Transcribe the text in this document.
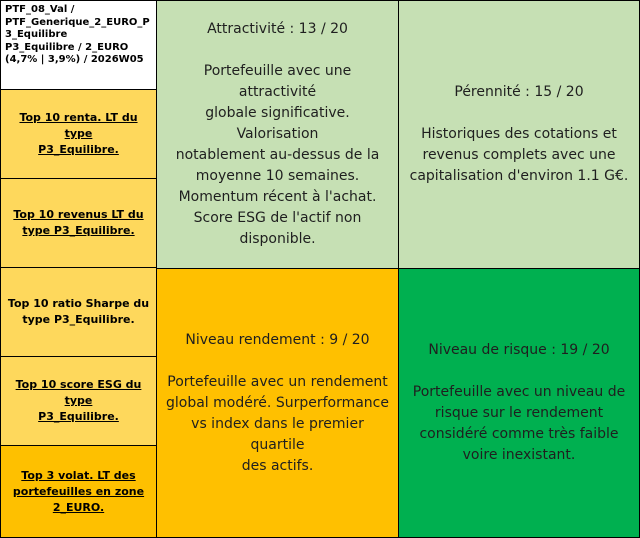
PTF_08_Val /
PTF_Generique_2_EURO_P
3_Equilibre
P3_Equilibre / 2_EURO
(4,7% | 3,9%) / 2026W05
Top 10 renta. LT du type
P3_Equilibre.
Top 10 revenus LT du
type P3_Equilibre.
Top 10 ratio Sharpe du
type P3_Equilibre.
Top 10 score ESG du type
P3_Equilibre.
Top 3 volat. LT des
portefeuilles en zone
2_EURO.
Attractivité : 13 / 20
Portefeuille avec une attractivité
globale significative. Valorisation
notablement au-dessus de la
moyenne 10 semaines.
Momentum récent à l'achat.
Score ESG de l'actif non
disponible.
Pérennité : 15 / 20
Historiques des cotations et
revenus complets avec une
capitalisation d'environ 1.1 G€.
Niveau rendement : 9 / 20
Portefeuille avec un rendement
global modéré. Surperformance
vs index dans le premier quartile
des actifs.
Niveau de risque : 19 / 20
Portefeuille avec un niveau de
risque sur le rendement
considéré comme très faible
voire inexistant.
